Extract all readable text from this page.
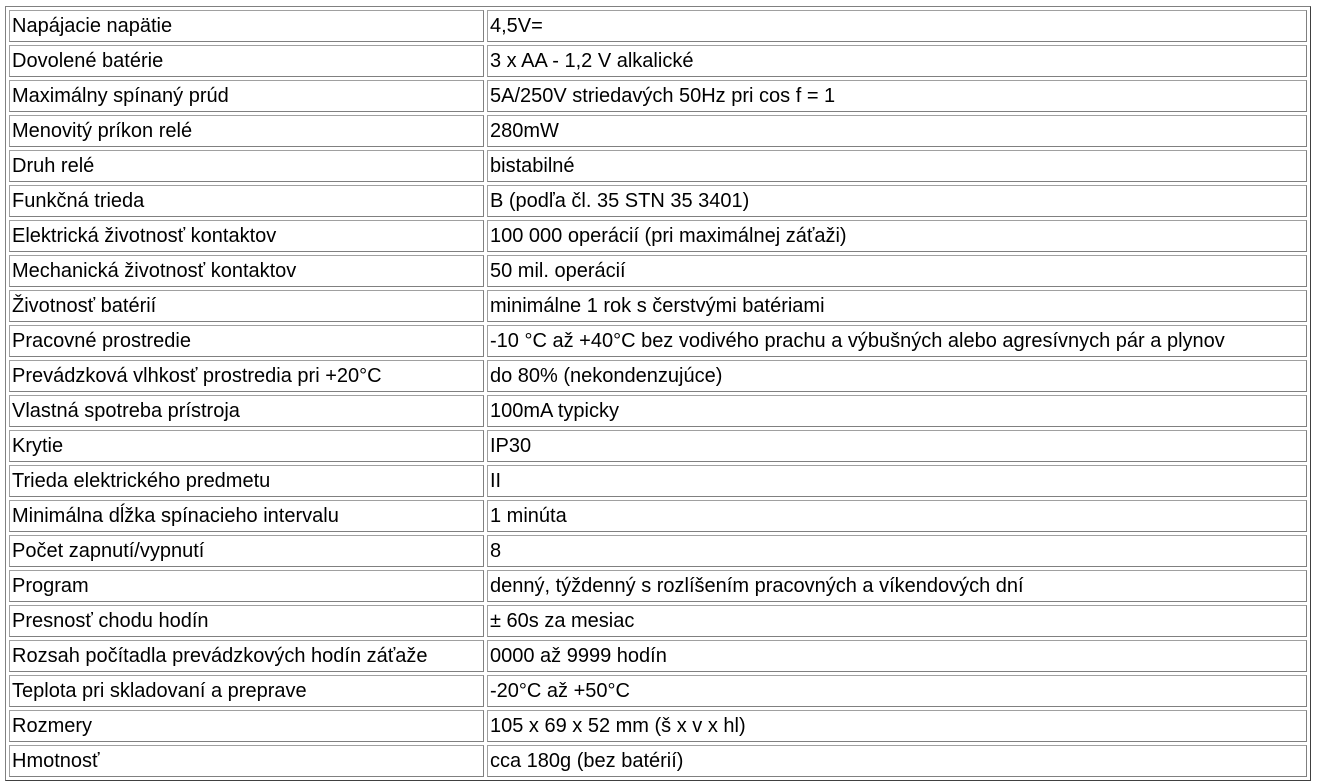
Napájacie napätie	4,5V=
Dovolené batérie	3 x AA - 1,2 V alkalické
Maximálny spínaný prúd	5A/250V striedavých 50Hz pri cos f = 1
Menovitý príkon relé	280mW
Druh relé	bistabilné
Funkčná trieda	B (podľa čl. 35 STN 35 3401)
Elektrická životnosť kontaktov	100 000 operácií (pri maximálnej záťaži)
Mechanická životnosť kontaktov	50 mil. operácií
Životnosť batérií	minimálne 1 rok s čerstvými batériami
Pracovné prostredie	-10 °C až +40°C bez vodivého prachu a výbušných alebo agresívnych pár a plynov
Prevádzková vlhkosť prostredia pri +20°C	do 80% (nekondenzujúce)
Vlastná spotreba prístroja	100mA typicky
Krytie	IP30
Trieda elektrického predmetu	II
Minimálna dĺžka spínacieho intervalu	1 minúta
Počet zapnutí/vypnutí	8
Program	denný, týždenný s rozlíšením pracovných a víkendových dní
Presnosť chodu hodín	± 60s za mesiac
Rozsah počítadla prevádzkových hodín záťaže	0000 až 9999 hodín
Teplota pri skladovaní a preprave	-20°C až +50°C
Rozmery	105 x 69 x 52 mm (š x v x hl)
Hmotnosť	cca 180g (bez batérií)
